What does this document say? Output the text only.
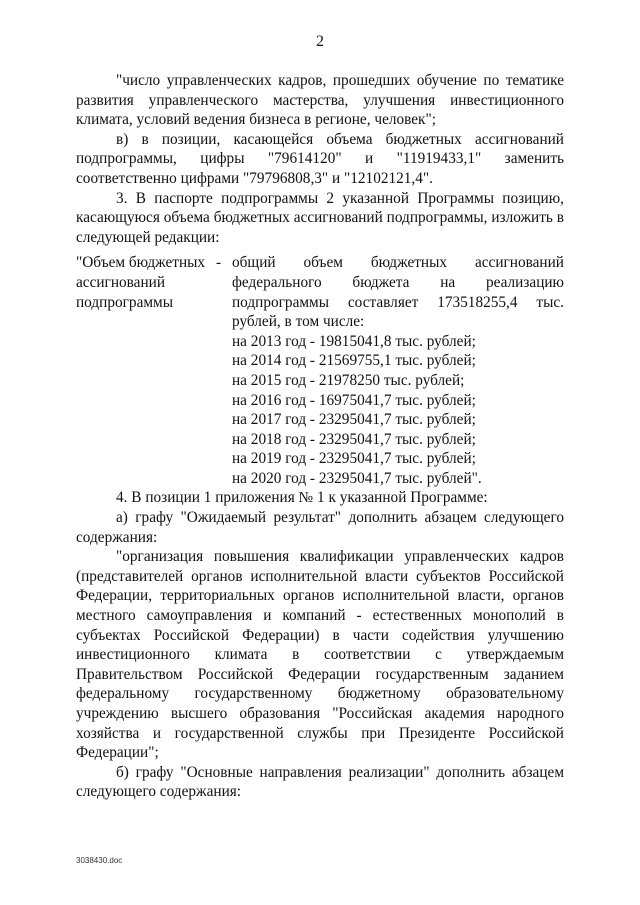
2

"число управленческих кадров, прошедших обучение по тематике развития управленческого мастерства, улучшения инвестиционного климата, условий ведения бизнеса в регионе, человек";

в) в позиции, касающейся объема бюджетных ассигнований подпрограммы, цифры "79614120" и "11919433,1" заменить соответственно цифрами "79796808,3" и "12102121,4".

3. В паспорте подпрограммы 2 указанной Программы позицию, касающуюся объема бюджетных ассигнований подпрограммы, изложить в следующей редакции:

"Объем бюджетных ассигнований подпрограммы
- общий объем бюджетных ассигнований федерального бюджета на реализацию подпрограммы составляет 173518255,4 тыс. рублей, в том числе:
на 2013 год - 19815041,8 тыс. рублей;
на 2014 год - 21569755,1 тыс. рублей;
на 2015 год - 21978250 тыс. рублей;
на 2016 год - 16975041,7 тыс. рублей;
на 2017 год - 23295041,7 тыс. рублей;
на 2018 год - 23295041,7 тыс. рублей;
на 2019 год - 23295041,7 тыс. рублей;
на 2020 год - 23295041,7 тыс. рублей".

4. В позиции 1 приложения № 1 к указанной Программе:

а) графу "Ожидаемый результат" дополнить абзацем следующего содержания:

"организация повышения квалификации управленческих кадров (представителей органов исполнительной власти субъектов Российской Федерации, территориальных органов исполнительной власти, органов местного самоуправления и компаний - естественных монополий в субъектах Российской Федерации) в части содействия улучшению инвестиционного климата в соответствии с утверждаемым Правительством Российской Федерации государственным заданием федеральному государственному бюджетному образовательному учреждению высшего образования "Российская академия народного хозяйства и государственной службы при Президенте Российской Федерации";

б) графу "Основные направления реализации" дополнить абзацем следующего содержания:

3038430.doc
